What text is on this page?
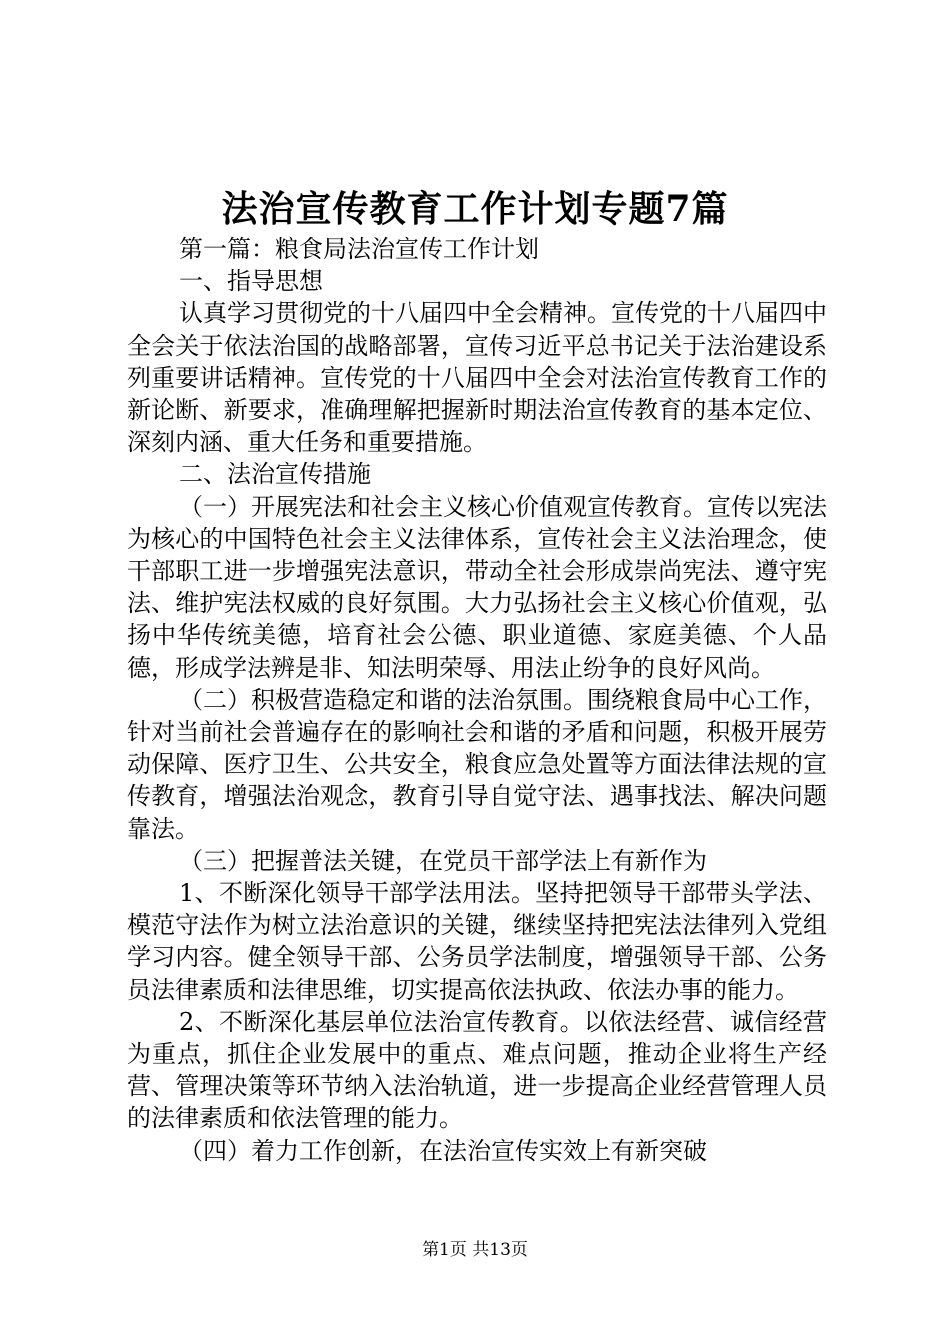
法治宣传教育工作计划专题7篇

第一篇：粮食局法治宣传工作计划

一、指导思想

认真学习贯彻党的十八届四中全会精神。宣传党的十八届四中全会关于依法治国的战略部署，宣传习近平总书记关于法治建设系列重要讲话精神。宣传党的十八届四中全会对法治宣传教育工作的新论断、新要求，准确理解把握新时期法治宣传教育的基本定位、深刻内涵、重大任务和重要措施。

二、法治宣传措施

（一）开展宪法和社会主义核心价值观宣传教育。宣传以宪法为核心的中国特色社会主义法律体系，宣传社会主义法治理念，使干部职工进一步增强宪法意识，带动全社会形成崇尚宪法、遵守宪法、维护宪法权威的良好氛围。大力弘扬社会主义核心价值观，弘扬中华传统美德，培育社会公德、职业道德、家庭美德、个人品德，形成学法辨是非、知法明荣辱、用法止纷争的良好风尚。

（二）积极营造稳定和谐的法治氛围。围绕粮食局中心工作，针对当前社会普遍存在的影响社会和谐的矛盾和问题，积极开展劳动保障、医疗卫生、公共安全，粮食应急处置等方面法律法规的宣传教育，增强法治观念，教育引导自觉守法、遇事找法、解决问题靠法。

（三）把握普法关键，在党员干部学法上有新作为

1、不断深化领导干部学法用法。坚持把领导干部带头学法、模范守法作为树立法治意识的关键，继续坚持把宪法法律列入党组学习内容。健全领导干部、公务员学法制度，增强领导干部、公务员法律素质和法律思维，切实提高依法执政、依法办事的能力。

2、不断深化基层单位法治宣传教育。以依法经营、诚信经营为重点，抓住企业发展中的重点、难点问题，推动企业将生产经营、管理决策等环节纳入法治轨道，进一步提高企业经营管理人员的法律素质和依法管理的能力。

（四）着力工作创新，在法治宣传实效上有新突破

第1页 共13页
